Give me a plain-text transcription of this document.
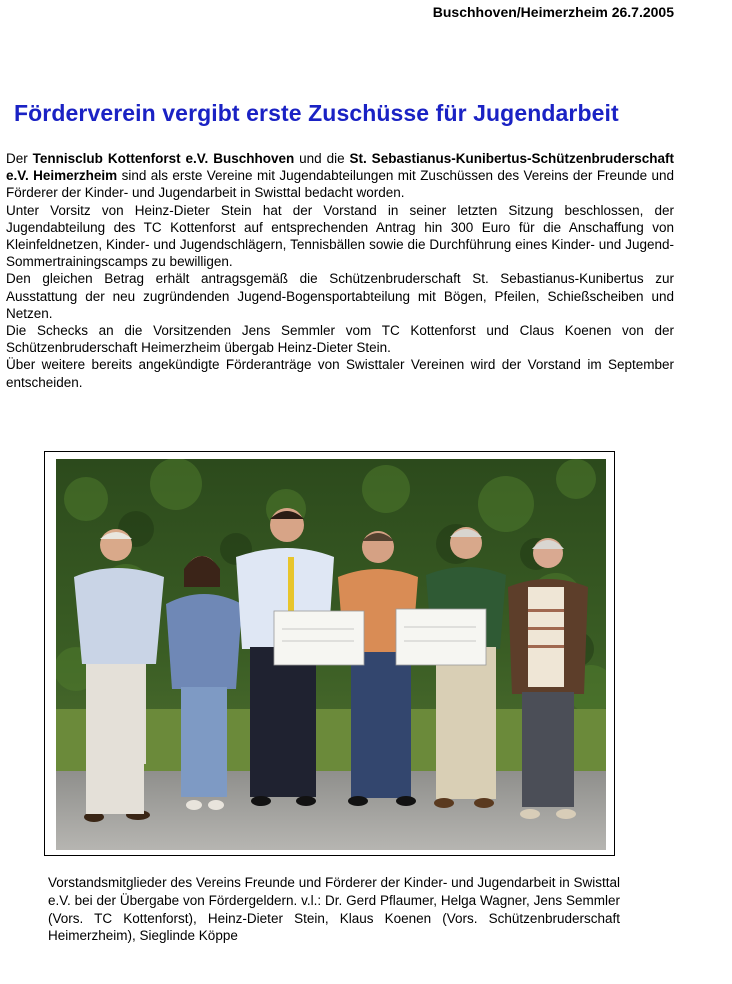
Buschhoven/Heimerzheim 26.7.2005
Förderverein vergibt erste Zuschüsse für Jugendarbeit

Der Tennisclub Kottenforst e.V. Buschhoven und die St. Sebastianus-Kunibertus-Schützenbruderschaft e.V. Heimerzheim sind als erste Vereine mit Jugendabteilungen mit Zuschüssen des Vereins der Freunde und Förderer der Kinder- und Jugendarbeit in Swisttal bedacht worden.

Unter Vorsitz von Heinz-Dieter Stein hat der Vorstand in seiner letzten Sitzung beschlossen, der Jugendabteilung des TC Kottenforst auf entsprechenden Antrag hin 300 Euro für die Anschaffung von Kleinfeldnetzen, Kinder- und Jugendschlägern, Tennisbällen sowie die Durchführung eines Kinder- und Jugend-Sommertrainingscamps zu bewilligen.

Den gleichen Betrag erhält antragsgemäß die Schützenbruderschaft St. Sebastianus-Kunibertus zur Ausstattung der neu zugründenden Jugend-Bogensportabteilung mit Bögen, Pfeilen, Schießscheiben und Netzen.

Die Schecks an die Vorsitzenden Jens Semmler vom TC Kottenforst und Claus Koenen von der Schützenbruderschaft Heimerzheim übergab Heinz-Dieter Stein.

Über weitere bereits angekündigte Förderanträge von Swisttaler Vereinen wird der Vorstand im September entscheiden.

Vorstandsmitglieder des Vereins Freunde und Förderer der Kinder- und Jugendarbeit in Swisttal e.V. bei der Übergabe von Fördergeldern. v.l.: Dr. Gerd Pflaumer, Helga Wagner, Jens Semmler (Vors. TC Kottenforst), Heinz-Dieter Stein, Klaus Koenen (Vors. Schützenbruderschaft Heimerzheim), Sieglinde Köppe
